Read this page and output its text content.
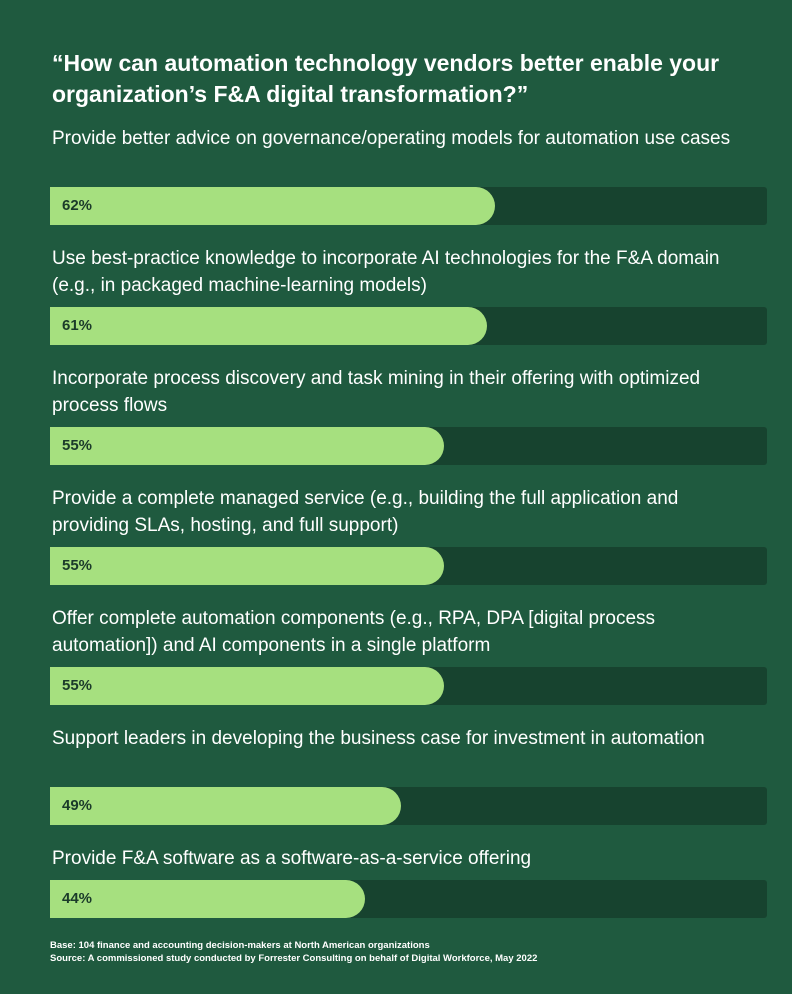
“How can automation technology vendors better enable your organization’s F&A digital transformation?”
Provide better advice on governance/operating models for automation use cases
62%
Use best-practice knowledge to incorporate AI technologies for the F&A domain (e.g., in packaged machine-learning models)
61%
Incorporate process discovery and task mining in their offering with optimized process flows
55%
Provide a complete managed service (e.g., building the full application and providing SLAs, hosting, and full support)
55%
Offer complete automation components (e.g., RPA, DPA [digital process automation]) and AI components in a single platform
55%
Support leaders in developing the business case for investment in automation
49%
Provide F&A software as a software-as-a-service offering
44%
Base: 104 finance and accounting decision-makers at North American organizations
Source: A commissioned study conducted by Forrester Consulting on behalf of Digital Workforce, May 2022
